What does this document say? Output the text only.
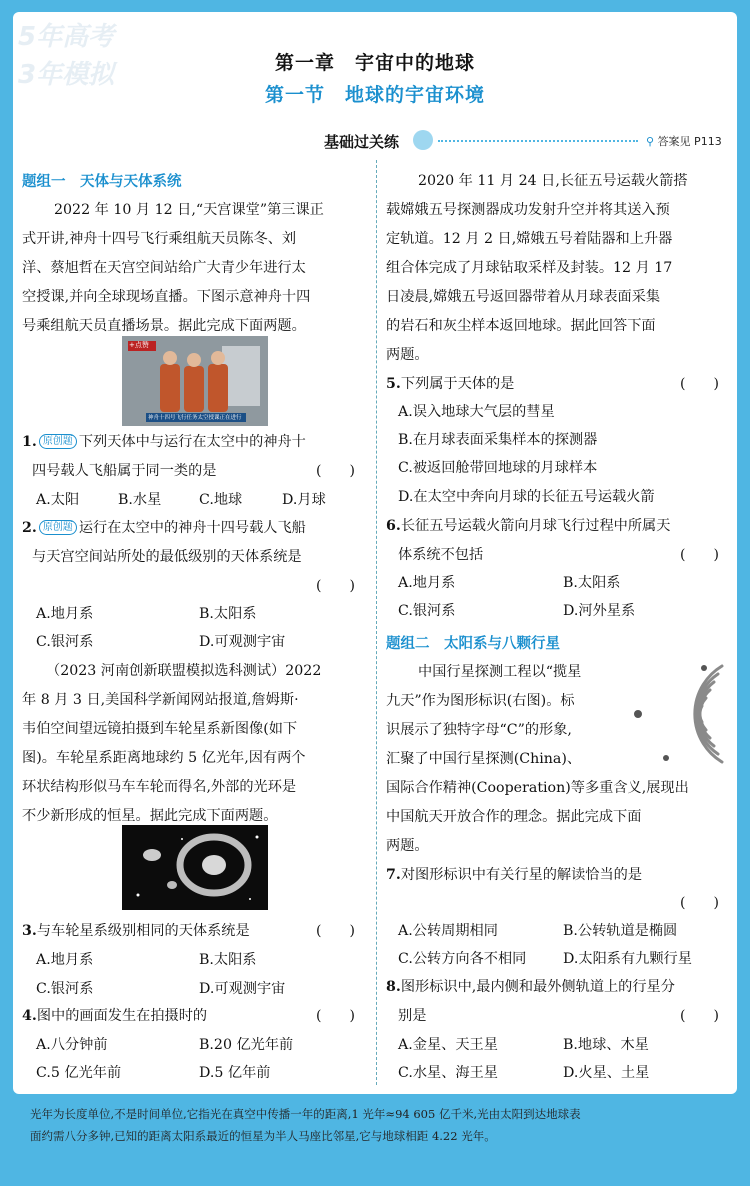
5年高考
3年模拟	第一章　宇宙中的地球
第一节　地球的宇宙环境
基础过关练	⚲ 答案见 P113
题组一　天体与天体系统
2022 年 10 月 12 日,“天宫课堂”第三课正
式开讲,神舟十四号飞行乘组航天员陈冬、刘
洋、蔡旭哲在天宫空间站给广大青少年进行太
空授课,并向全球现场直播。下图示意神舟十四
号乘组航天员直播场景。据此完成下面两题。
+点赞
神舟十四号飞行任务太空授课正在进行
1. 原创题 下列天体中与运行在太空中的神舟十
四号载人飞船属于同一类的是	(　　)
A.太阳	B.水星	C.地球	D.月球
2. 原创题 运行在太空中的神舟十四号载人飞船
与天宫空间站所处的最低级别的天体系统是
(　　)
A.地月系	B.太阳系
C.银河系	D.可观测宇宙
（2023 河南创新联盟模拟选科测试）2022
年 8 月 3 日,美国科学新闻网站报道,詹姆斯·
韦伯空间望远镜拍摄到车轮星系新图像(如下
图)。车轮星系距离地球约 5 亿光年,因有两个
环状结构形似马车车轮而得名,外部的光环是
不少新形成的恒星。据此完成下面两题。
3.与车轮星系级别相同的天体系统是	(　　)
A.地月系	B.太阳系
C.银河系	D.可观测宇宙
4.图中的画面发生在拍摄时的	(　　)
A.八分钟前	B.20 亿光年前
C.5 亿光年前	D.5 亿年前
2020 年 11 月 24 日,长征五号运载火箭搭
载嫦娥五号探测器成功发射升空并将其送入预
定轨道。12 月 2 日,嫦娥五号着陆器和上升器
组合体完成了月球钻取采样及封装。12 月 17
日凌晨,嫦娥五号返回器带着从月球表面采集
的岩石和灰尘样本返回地球。据此回答下面
两题。
5.下列属于天体的是	(　　)
A.误入地球大气层的彗星
B.在月球表面采集样本的探测器
C.被返回舱带回地球的月球样本
D.在太空中奔向月球的长征五号运载火箭
6.长征五号运载火箭向月球飞行过程中所属天
体系统不包括	(　　)
A.地月系	B.太阳系
C.银河系	D.河外星系
题组二　太阳系与八颗行星
中国行星探测工程以“揽星
九天”作为图形标识(右图)。标
识展示了独特字母“C”的形象,
汇聚了中国行星探测(China)、
国际合作精神(Cooperation)等多重含义,展现出
中国航天开放合作的理念。据此完成下面
两题。
7.对图形标识中有关行星的解读恰当的是
(　　)
A.公转周期相同	B.公转轨道是椭圆
C.公转方向各不相同	D.太阳系有九颗行星
8.图形标识中,最内侧和最外侧轨道上的行星分
别是	(　　)
A.金星、天王星	B.地球、木星
C.水星、海王星	D.火星、土星
光年为长度单位,不是时间单位,它指光在真空中传播一年的距离,1 光年≈94 605 亿千米,光由太阳到达地球表
面约需八分多钟,已知的距离太阳系最近的恒星为半人马座比邻星,它与地球相距 4.22 光年。
